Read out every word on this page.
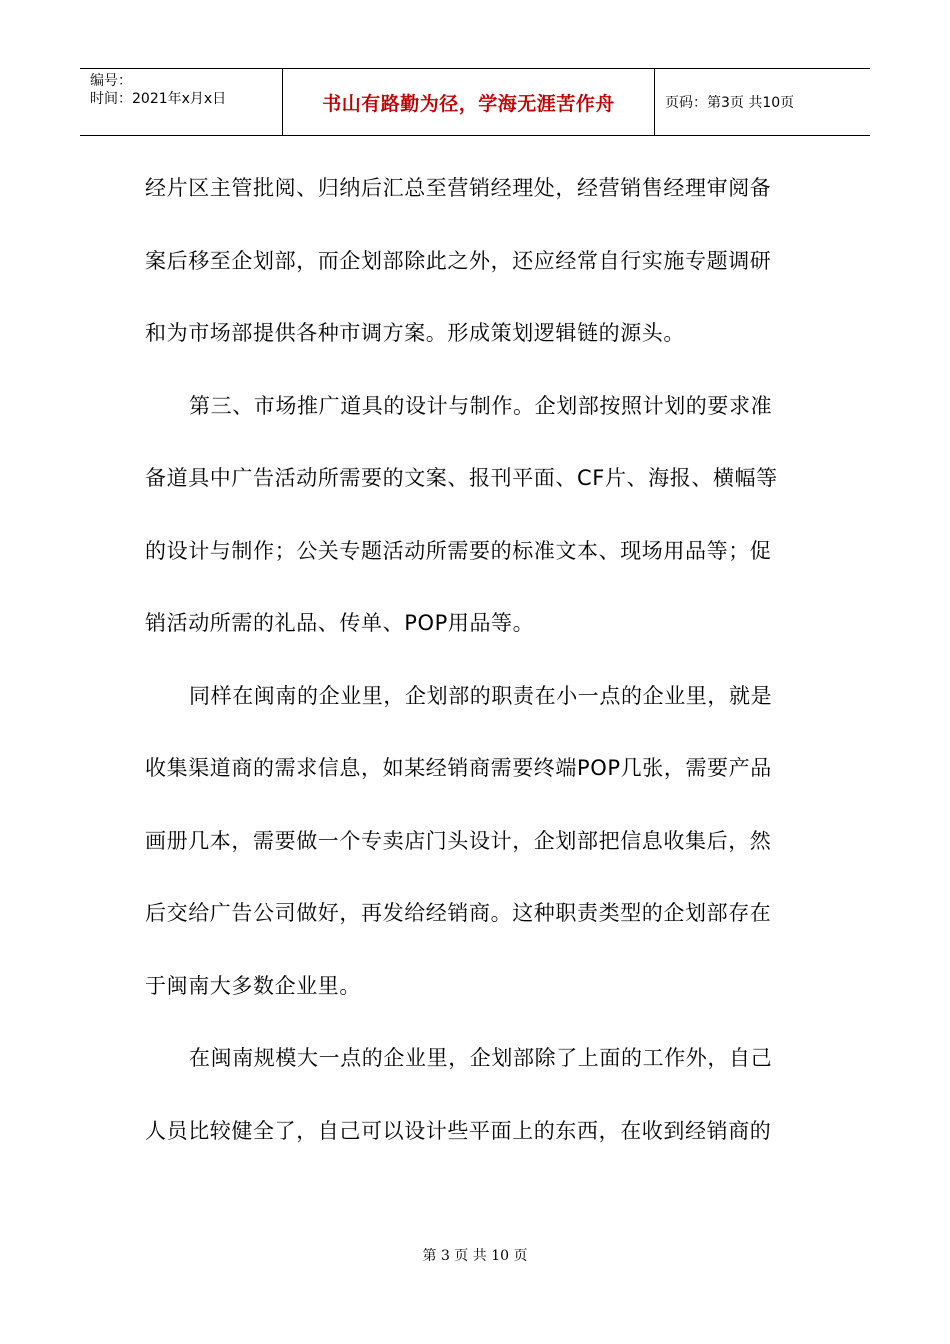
编号：
时间：2021年x月x日	书山有路勤为径，学海无涯苦作舟	页码：第3页 共10页
经片区主管批阅、归纳后汇总至营销经理处，经营销售经理审阅备
案后移至企划部，而企划部除此之外，还应经常自行实施专题调研
和为市场部提供各种市调方案。形成策划逻辑链的源头。
第三、市场推广道具的设计与制作。企划部按照计划的要求准
备道具中广告活动所需要的文案、报刊平面、CF片、海报、横幅等
的设计与制作；公关专题活动所需要的标准文本、现场用品等；促
销活动所需的礼品、传单、POP用品等。
同样在闽南的企业里，企划部的职责在小一点的企业里，就是
收集渠道商的需求信息，如某经销商需要终端POP几张，需要产品
画册几本，需要做一个专卖店门头设计，企划部把信息收集后，然
后交给广告公司做好，再发给经销商。这种职责类型的企划部存在
于闽南大多数企业里。
在闽南规模大一点的企业里，企划部除了上面的工作外，自己
人员比较健全了，自己可以设计些平面上的东西，在收到经销商的
第 3 页 共 10 页
